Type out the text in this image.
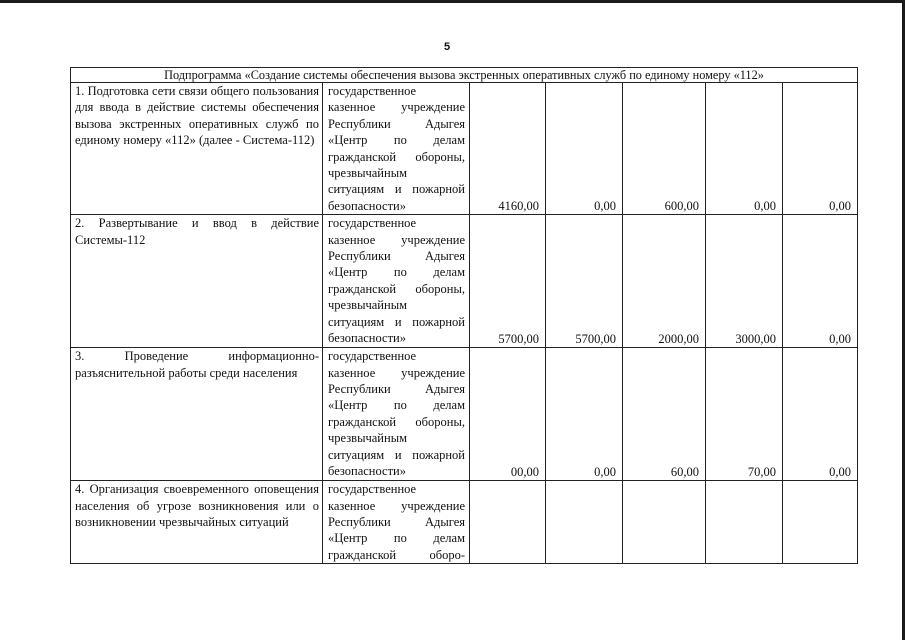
5
Подпрограмма «Создание системы обеспечения вызова экстренных оперативных служб по единому номеру «112»						
1. Подготовка сети связи общего пользования для ввода в действие системы обеспечения вызова экстренных оперативных служб по единому номеру «112» (далее - Система-112)	государственное казенное учреждение Республики Адыгея «Центр по делам гражданской обороны, чрезвычайным ситуациям и пожарной безопасности»	4160,00	0,00	600,00	0,00	0,00
2. Развертывание и ввод в действие Системы-112	государственное казенное учреждение Республики Адыгея «Центр по делам гражданской обороны, чрезвычайным ситуациям и пожарной безопасности»	5700,00	5700,00	2000,00	3000,00	0,00
3. Проведение информационно-разъяснительной работы среди населения	государственное казенное учреждение Республики Адыгея «Центр по делам гражданской обороны, чрезвычайным ситуациям и пожарной безопасности»	00,00	0,00	60,00	70,00	0,00

4. Организация своевременного оповещения населения об угрозе возникновения или о возникновении чрезвычайных ситуаций	государственное казенное учреждение Республики Адыгея «Центр по делам гражданской оборо-					
